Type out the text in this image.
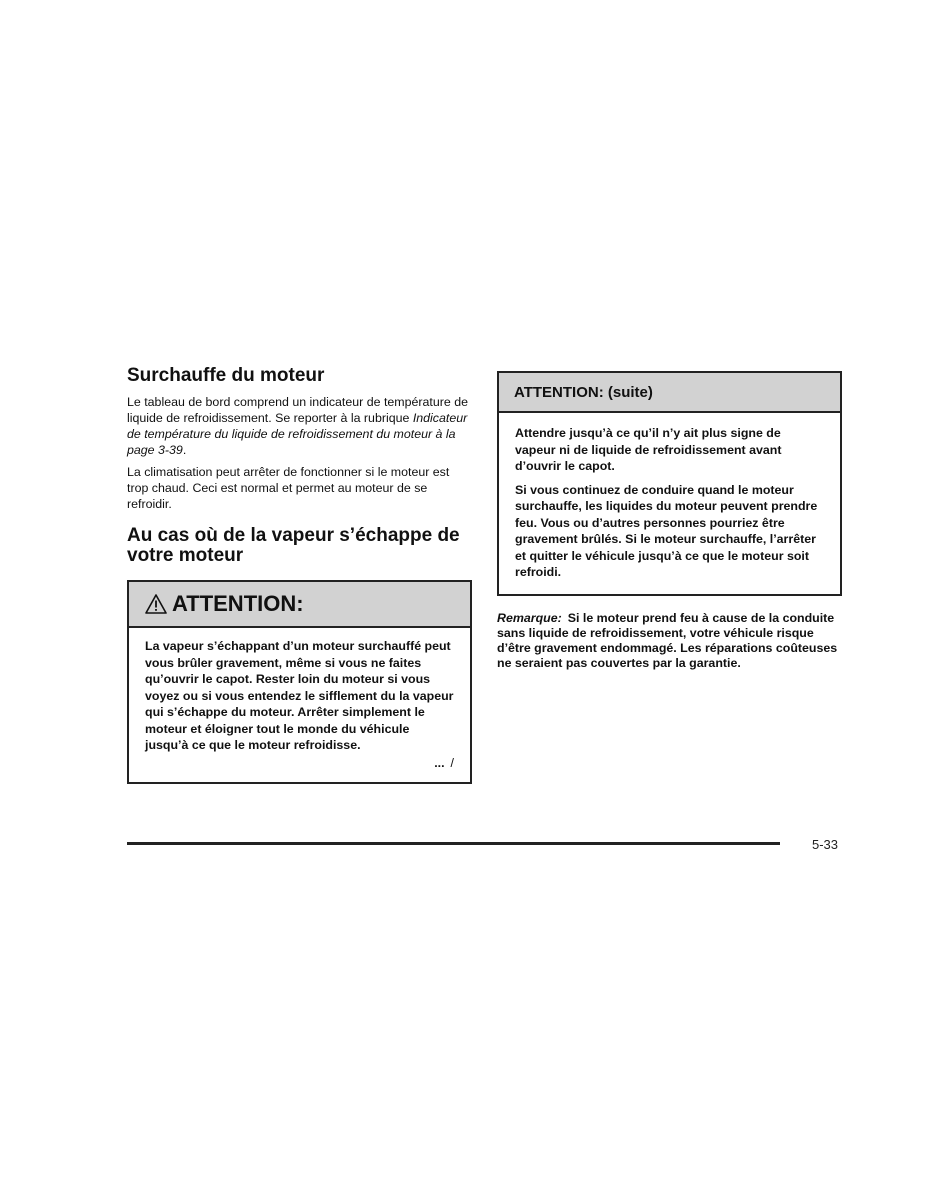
Surchauffe du moteur

Le tableau de bord comprend un indicateur de température de liquide de refroidissement. Se reporter à la rubrique Indicateur de température du liquide de refroidissement du moteur à la page 3-39.

La climatisation peut arrêter de fonctionner si le moteur est trop chaud. Ceci est normal et permet au moteur de se refroidir.

Au cas où de la vapeur s’échappe de votre moteur
ATTENTION:

La vapeur s’échappant d’un moteur surchauffé peut vous brûler gravement, même si vous ne faites qu’ouvrir le capot. Rester loin du moteur si vous voyez ou si vous entendez le sifflement du la vapeur qui s’échappe du moteur. Arrêter simplement le moteur et éloigner tout le monde du véhicule jusqu’à ce que le moteur refroidisse.

... /
ATTENTION: (suite)

Attendre jusqu’à ce qu’il n’y ait plus signe de vapeur ni de liquide de refroidissement avant d’ouvrir le capot.

Si vous continuez de conduire quand le moteur surchauffe, les liquides du moteur peuvent prendre feu. Vous ou d’autres personnes pourriez être gravement brûlés. Si le moteur surchauffe, l’arrêter et quitter le véhicule jusqu’à ce que le moteur soit refroidi.

Remarque: Si le moteur prend feu à cause de la conduite sans liquide de refroidissement, votre véhicule risque d’être gravement endommagé. Les réparations coûteuses ne seraient pas couvertes par la garantie.
5-33
